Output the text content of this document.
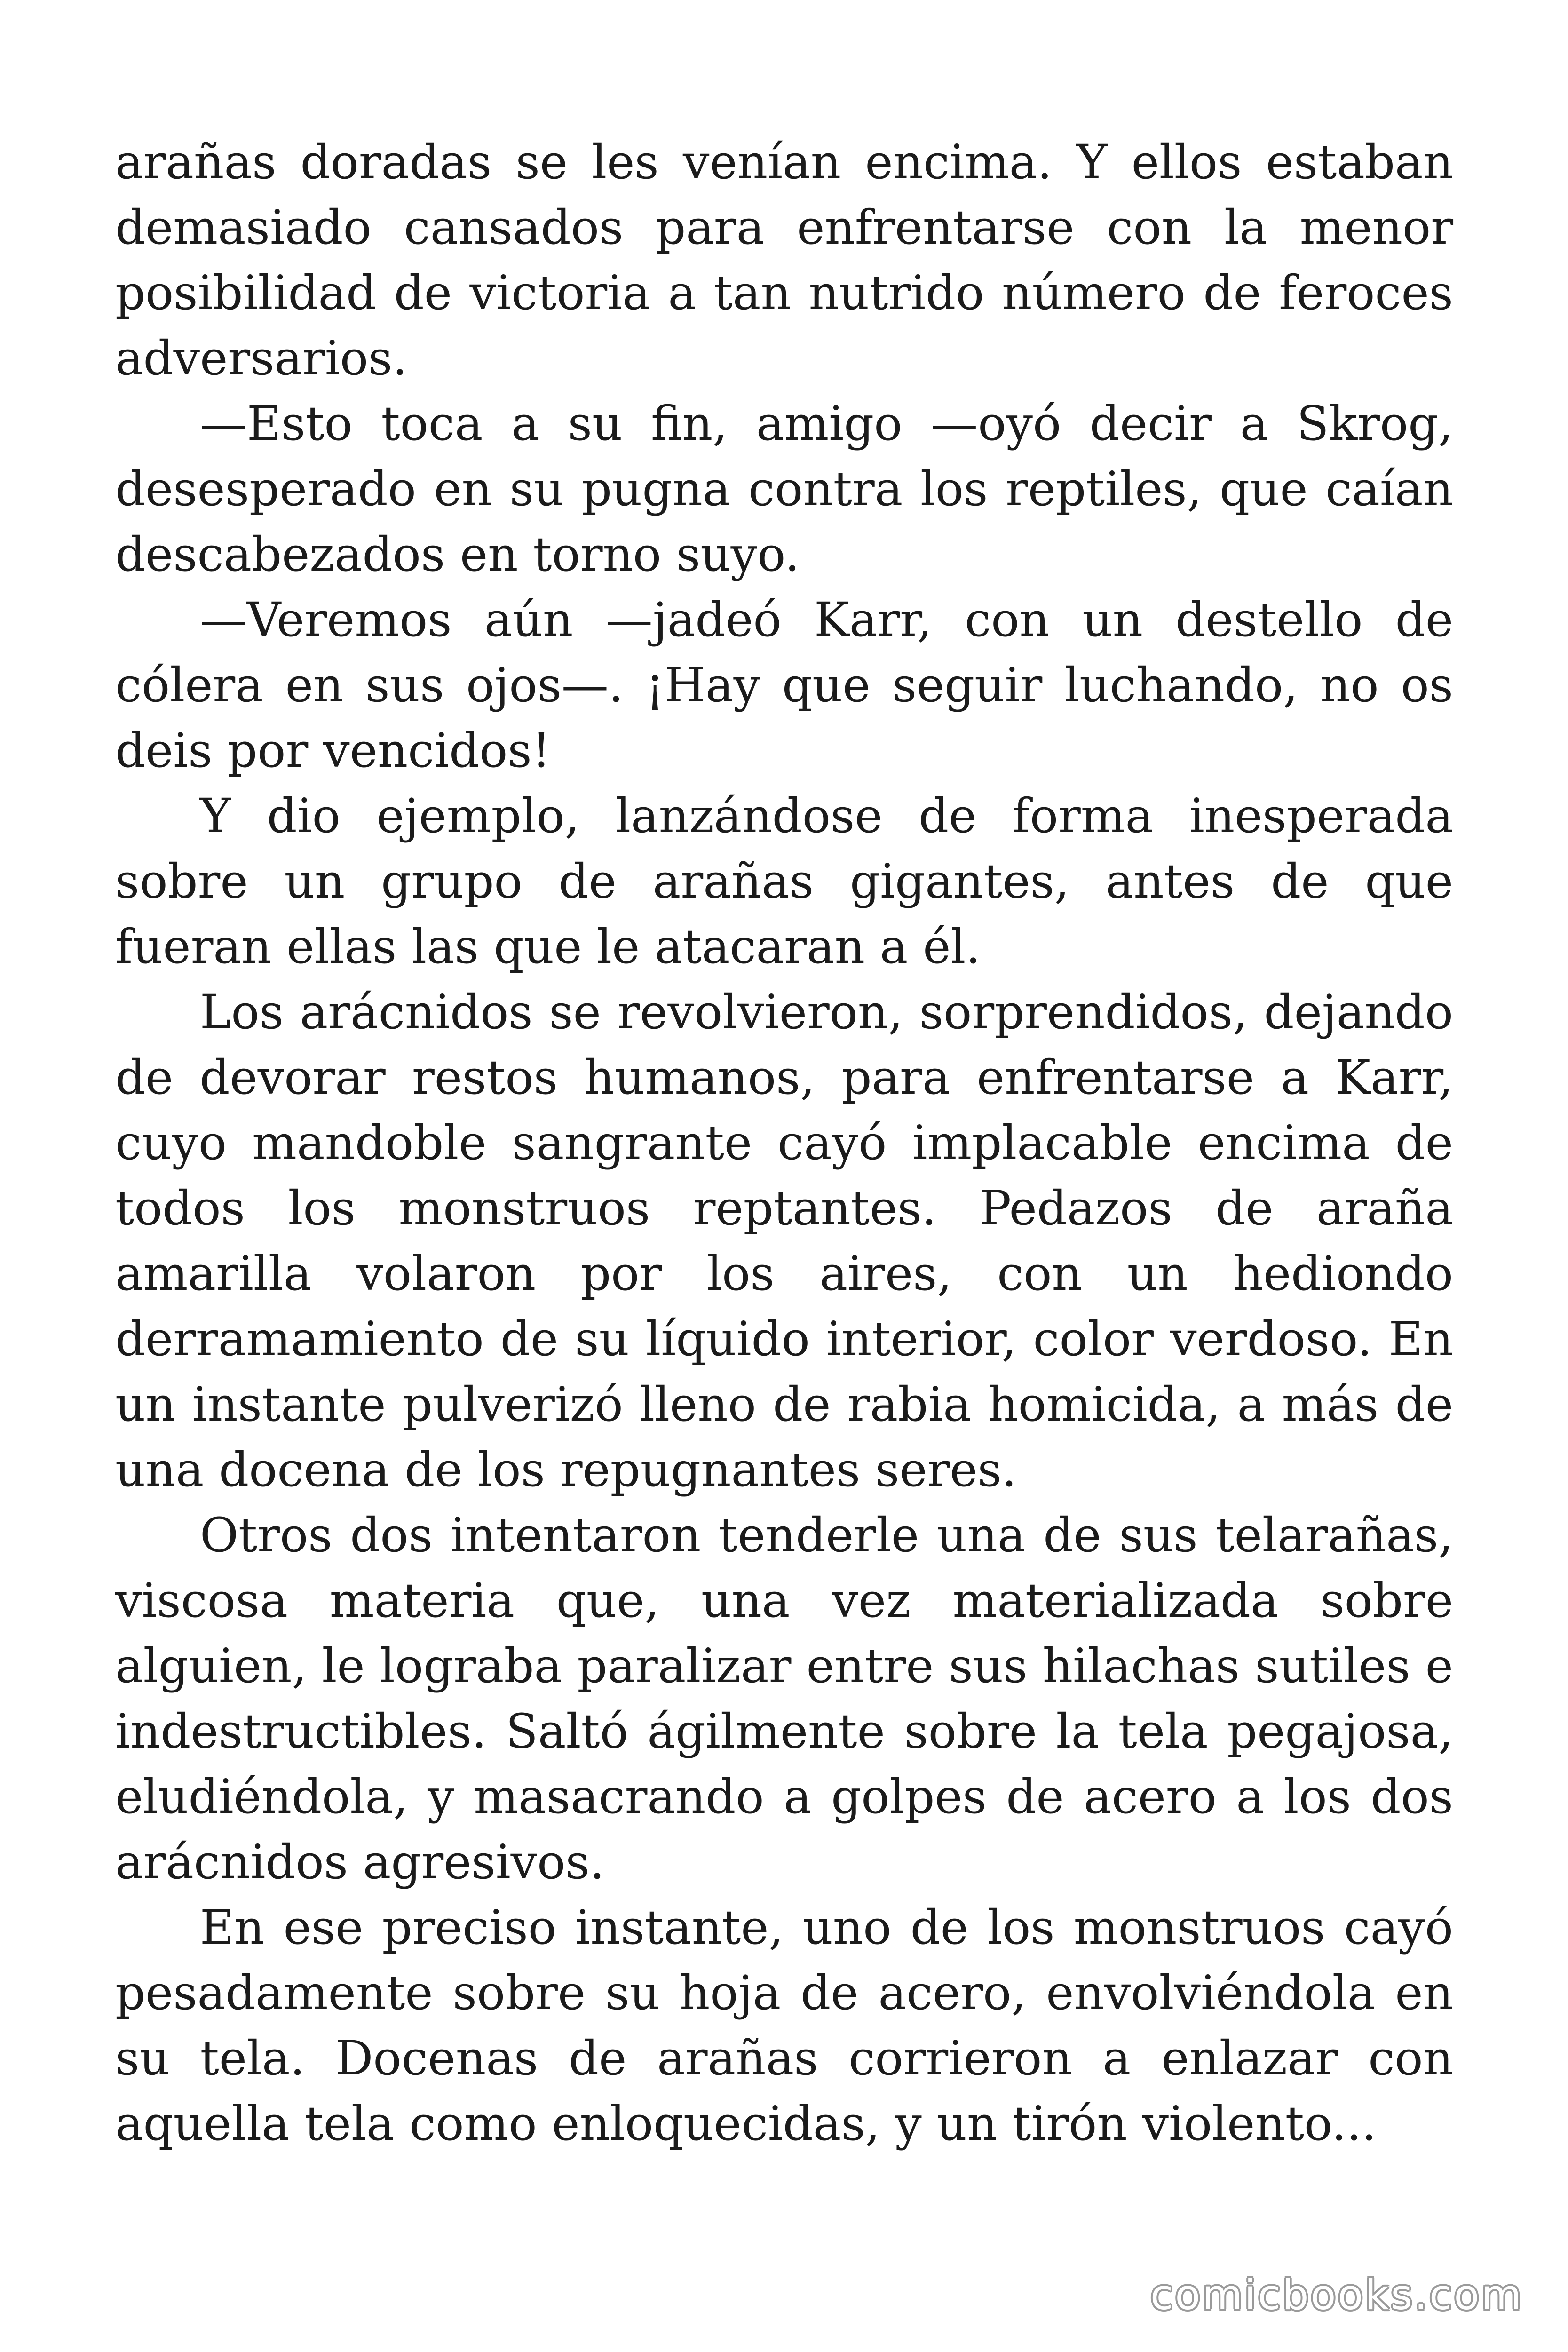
arañas doradas se les venían encima. Y ellos estaban demasiado cansados para enfrentarse con la menor posibilidad de victoria a tan nutrido número de feroces adversarios.

—Esto toca a su fin, amigo —oyó decir a Skrog, desesperado en su pugna contra los reptiles, que caían descabezados en torno suyo.

—Veremos aún —jadeó Karr, con un destello de cólera en sus ojos—. ¡Hay que seguir luchando, no os deis por vencidos!

Y dio ejemplo, lanzándose de forma inesperada sobre un grupo de arañas gigantes, antes de que fueran ellas las que le atacaran a él.

Los arácnidos se revolvieron, sorprendidos, dejando de devorar restos humanos, para enfrentarse a Karr, cuyo mandoble sangrante cayó implacable encima de todos los monstruos reptantes. Pedazos de araña amarilla volaron por los aires, con un hediondo derramamiento de su líquido interior, color verdoso. En un instante pulverizó lleno de rabia homicida, a más de una docena de los repugnantes seres.

Otros dos intentaron tenderle una de sus telarañas, viscosa materia que, una vez materializada sobre alguien, le lograba paralizar entre sus hilachas sutiles e indestructibles. Saltó ágilmente sobre la tela pegajosa, eludiéndola, y masacrando a golpes de acero a los dos arácnidos agresivos.

En ese preciso instante, uno de los monstruos cayó pesadamente sobre su hoja de acero, envolviéndola en su tela. Docenas de arañas corrieron a enlazar con aquella tela como enloquecidas, y un tirón violento...

comicbooks.com
